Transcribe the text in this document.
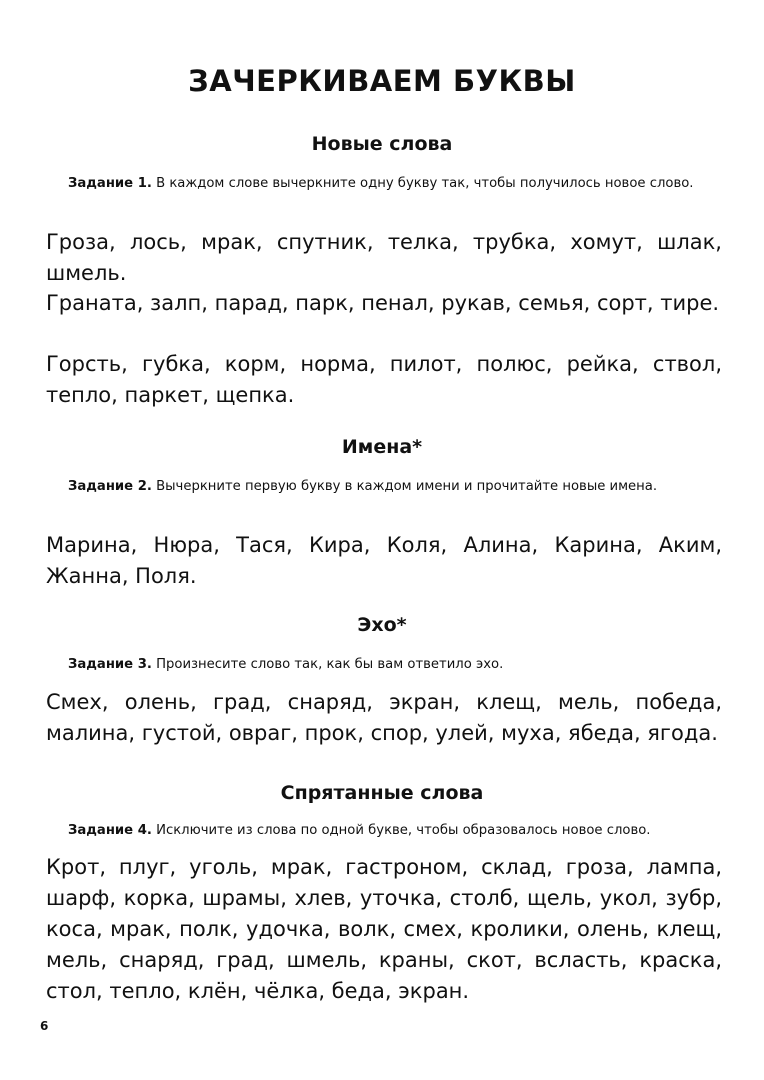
ЗАЧЕРКИВАЕМ БУКВЫ
Новые слова

Задание 1. В каждом слове вычеркните одну букву так, чтобы получилось новое слово.

Гроза, лось, мрак, спутник, телка, трубка, хомут, шлак, шмель.

Граната, залп, парад, парк, пенал, рукав, семья, сорт, тире.

Горсть, губка, корм, норма, пилот, полюс, рейка, ствол, тепло, паркет, щепка.

Имена*

Задание 2. Вычеркните первую букву в каждом имени и прочитайте новые имена.

Марина, Нюра, Тася, Кира, Коля, Алина, Карина, Аким, Жанна, Поля.

Эхо*

Задание 3. Произнесите слово так, как бы вам ответило эхо.

Смех, олень, град, снаряд, экран, клещ, мель, победа, малина, густой, овраг, прок, спор, улей, муха, ябеда, ягода.

Спрятанные слова

Задание 4. Исключите из слова по одной букве, чтобы образовалось новое слово.

Крот, плуг, уголь, мрак, гастроном, склад, гроза, лампа, шарф, корка, шрамы, хлев, уточка, столб, щель, укол, зубр, коса, мрак, полк, удочка, волк, смех, кролики, олень, клещ, мель, снаряд, град, шмель, краны, скот, всласть, краска, стол, тепло, клён, чёлка, беда, экран.

6
